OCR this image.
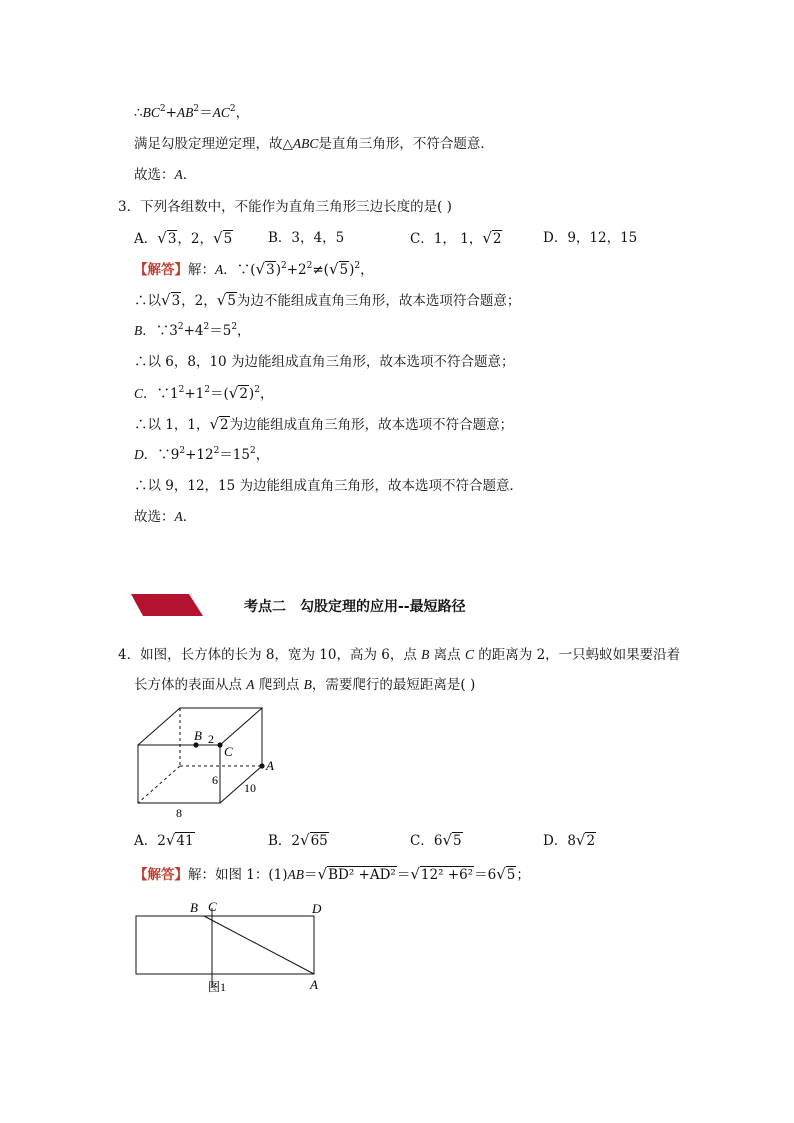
$\therefore BC^2+AB^2=AC^2$，
满足勾股定理逆定理，故△ABC是直角三角形，不符合题意．
故选：A．
3．下列各组数中，不能作为直角三角形三边长度的是( )
A．√3，2，√5	B．3，4，5	C．1， 1，√2	D．9，12，15
【解答】解：A．$\because(√3)^2+2^2\ne(√5)^2$，
∴以√3，2，√5为边不能组成直角三角形，故本选项符合题意；
B．$\because 3^2+4^2=5^2$，
∴以 6，8，10 为边能组成直角三角形，故本选项不符合题意；
C．$\because 1^2+1^2=(√2)^2$，
∴以 1，1，√2为边能组成直角三角形，故本选项不符合题意；
D．$\because 9^2+12^2=15^2$，
∴以 9，12，15 为边能组成直角三角形，故本选项不符合题意．
故选：A．
考点二　勾股定理的应用--最短路径
4．如图，长方体的长为 8，宽为 10，高为 6，点 B 离点 C 的距离为 2，一只蚂蚁如果要沿着
长方体的表面从点 A 爬到点 B，需要爬行的最短距离是( )
B 2
C
A
6
10
8
A．2√41	B．2√65	C．6√5	D．8√2
【解答】解：如图 1：(1)AB＝√BD² +AD²＝√12² +6²＝6√5；
B C	D
A
图1
